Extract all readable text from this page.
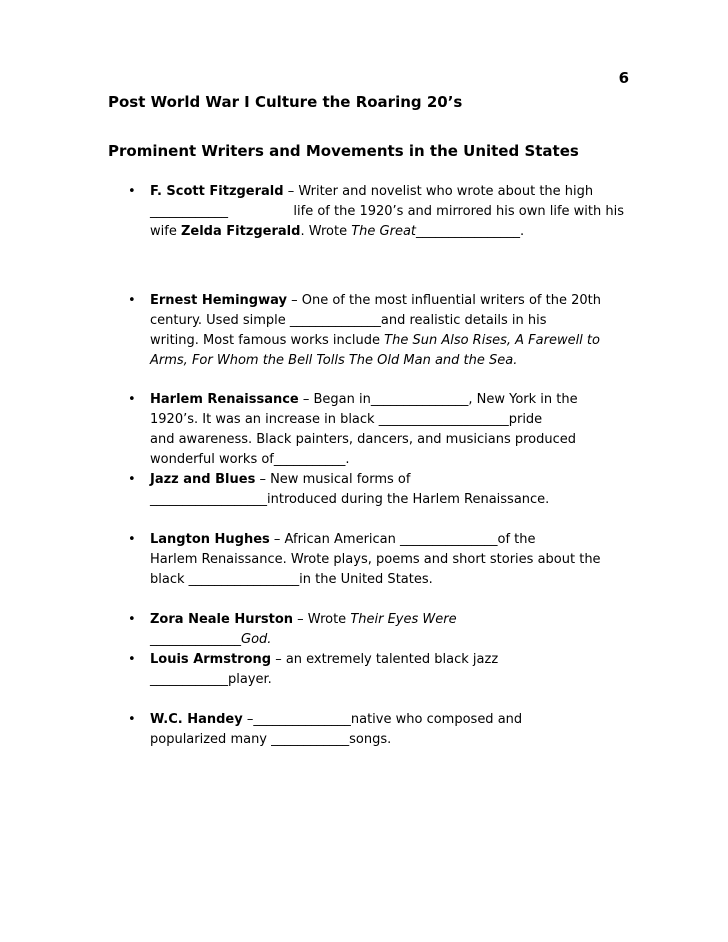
6
Post World War I Culture the Roaring 20’s
Prominent Writers and Movements in the United States
• F. Scott Fitzgerald – Writer and novelist who wrote about the high
____________	life of the 1920’s and mirrored his own life with his
wife Zelda Fitzgerald. Wrote The Great________________.
• Ernest Hemingway – One of the most influential writers of the 20th
century. Used simple ______________and realistic details in his
writing. Most famous works include The Sun Also Rises, A Farewell to
Arms, For Whom the Bell Tolls The Old Man and the Sea.
• Harlem Renaissance – Began in_______________, New York in the
1920’s. It was an increase in black ____________________pride
and awareness. Black painters, dancers, and musicians produced
wonderful works of___________.
• Jazz and Blues – New musical forms of
__________________introduced during the Harlem Renaissance.
• Langton Hughes – African American _______________of the
Harlem Renaissance. Wrote plays, poems and short stories about the
black _________________in the United States.
• Zora Neale Hurston – Wrote Their Eyes Were
______________God.
• Louis Armstrong – an extremely talented black jazz
____________player.
• W.C. Handey –_______________native who composed and
popularized many ____________songs.
